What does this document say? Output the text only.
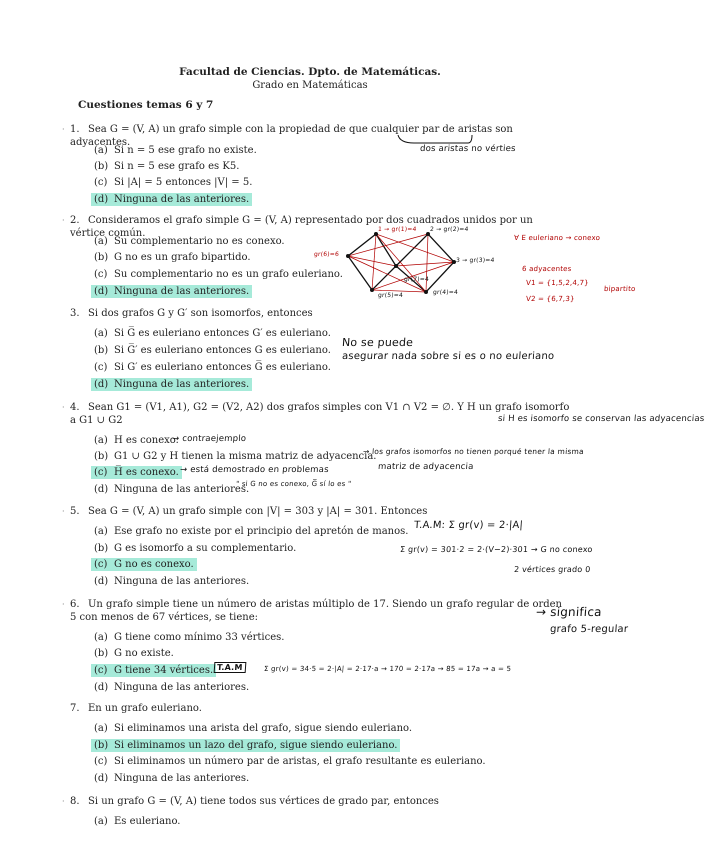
Facultad de Ciencias. Dpto. de Matemáticas.
Grado en Matemáticas
Cuestiones temas 6 y 7
· 1. Sea G = (V, A) un grafo simple con la propiedad de que cualquier par de aristas son adyacentes.
(a) Si n = 5 ese grafo no existe.
(b) Si n = 5 ese grafo es K5.
(c) Si |A| = 5 entonces |V| = 5.
(d) Ninguna de las anteriores.
dos aristas no vérties
· 2. Consideramos el grafo simple G = (V, A) representado por dos cuadrados unidos por un vértice común.
(a) Su complementario no es conexo.
(b) G no es un grafo bipartido.
(c) Su complementario no es un grafo euleriano.
(d) Ninguna de las anteriores.
1 → gr(1)=4 2 → gr(2)=4
3 → gr(3)=4
gr(4)=4
gr(5)=4
gr(6)=6
gr(7)=4
∀ E euleriano → conexo
6 adyacentes
V1 = {1,5,2,4,7}
V2 = {6,7,3}
bipartito
3. Si dos grafos G y G′ son isomorfos, entonces
(a) Si G̅ es euleriano entonces G′ es euleriano.
(b) Si G̅′ es euleriano entonces G es euleriano.
(c) Si G′ es euleriano entonces G̅ es euleriano.
(d) Ninguna de las anteriores.
No se puede
asegurar nada sobre si es o no euleriano
· 4. Sean G1 = (V1, A1), G2 = (V2, A2) dos grafos simples con V1 ∩ V2 = ∅. Y H un grafo isomorfo a G1 ∪ G2
(a) H es conexo.
(b) G1 ∪ G2 y H tienen la misma matriz de adyacencia.
(c) H̅ es conexo.
(d) Ninguna de las anteriores.
→ contraejemplo
si H es isomorfo se conservan las adyacencias
→ los grafos isomorfos no tienen porqué tener la misma
matriz de adyacencia
→ está demostrado en problemas
" si G no es conexo, G̅ sí lo es "
· 5. Sea G = (V, A) un grafo simple con |V| = 303 y |A| = 301. Entonces
(a) Ese grafo no existe por el principio del apretón de manos.
(b) G es isomorfo a su complementario.
(c) G no es conexo.
(d) Ninguna de las anteriores.
T.A.M: Σ gr(v) = 2·|A|
Σ gr(v) = 301·2 = 2·(V−2)·301 → G no conexo
2 vértices grado 0
· 6. Un grafo simple tiene un número de aristas múltiplo de 17. Siendo un grafo regular de orden 5 con menos de 67 vértices, se tiene:
(a) G tiene como mínimo 33 vértices.
(b) G no existe.
(c) G tiene 34 vértices.
(d) Ninguna de las anteriores.
→ significa
grafo 5-regular
T.A.M	Σ gr(v) = 34·5 = 2·|A| = 2·17·a → 170 = 2·17a → 85 = 17a → a = 5
7. En un grafo euleriano.
(a) Si eliminamos una arista del grafo, sigue siendo euleriano.
(b) Si eliminamos un lazo del grafo, sigue siendo euleriano.
(c) Si eliminamos un número par de aristas, el grafo resultante es euleriano.
(d) Ninguna de las anteriores.
· 8. Si un grafo G = (V, A) tiene todos sus vértices de grado par, entonces
(a) Es euleriano.
